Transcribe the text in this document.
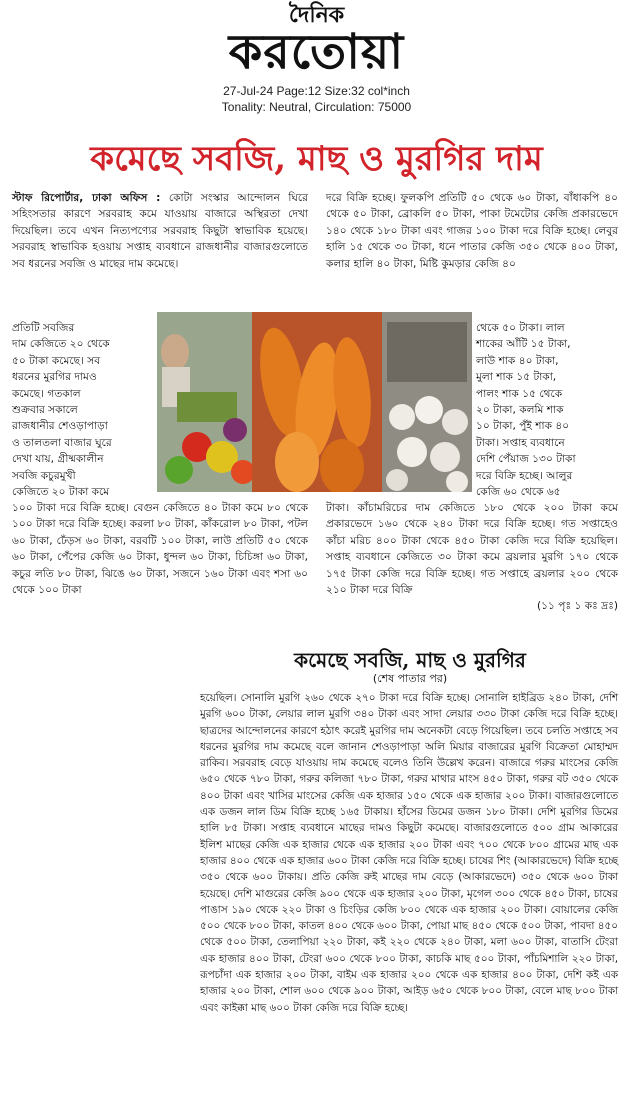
দৈনিক
করতোয়া
27-Jul-24 Page:12 Size:32 col*inch
Tonality: Neutral, Circulation: 75000
কমেছে সবজি, মাছ ও মুরগির দাম

স্টাফ রিপোর্টার, ঢাকা অফিস : কোটা সংস্কার আন্দোলন ঘিরে সহিংসতার কারণে সরবরাহ কমে যাওয়ায় বাজারে অস্থিরতা দেখা দিয়েছিল। তবে এখন নিত্যপণ্যের সরবরাহ কিছুটা স্বাভাবিক হয়েছে। সরবরাহ স্বাভাবিক হওয়ায় সপ্তাহ ব্যবধানে রাজধানীর বাজারগুলোতে সব ধরনের সবজি ও মাছের দাম কমেছে।

প্রতিটি সবজির
দাম কেজিতে ২০ থেকে
৫০ টাকা কমেছে। সব
ধরনের মুরগির দামও
কমেছে। গতকাল
শুক্রবার সকালে
রাজধানীর শেওড়াপাড়া
ও তালতলা বাজার ঘুরে
দেখা যায়, গ্রীষ্মকালীন
সবজি কচুরমুখী
কেজিতে ২০ টাকা কমে

১০০ টাকা দরে বিক্রি হচ্ছে। বেগুন কেজিতে ৪০ টাকা কমে ৮০ থেকে ১০০ টাকা দরে বিক্রি হচ্ছে। করলা ৮০ টাকা, কাঁকরোল ৮০ টাকা, পটল ৬০ টাকা, ঢেঁড়স ৬০ টাকা, বরবটি ১০০ টাকা, লাউ প্রতিটি ৫০ থেকে ৬০ টাকা, পেঁপের কেজি ৬০ টাকা, ধুন্দল ৬০ টাকা, চিচিঙ্গা ৬০ টাকা, কচুর লতি ৮০ টাকা, ঝিঙে ৬০ টাকা, সজনে ১৬০ টাকা এবং শসা ৬০ থেকে ১০০ টাকা

দরে বিক্রি হচ্ছে। ফুলকপি প্রতিটি ৫০ থেকে ৬০ টাকা, বাঁধাকপি ৪০ থেকে ৫০ টাকা, ব্রোকলি ৫০ টাকা, পাকা টমেটোর কেজি প্রকারভেদে ১৪০ থেকে ১৮০ টাকা এবং গাজর ১০০ টাকা দরে বিক্রি হচ্ছে। লেবুর হালি ১৫ থেকে ৩০ টাকা, ধনে পাতার কেজি ৩৫০ থেকে ৪০০ টাকা, কলার হালি ৪০ টাকা, মিষ্টি কুমড়ার কেজি ৪০

থেকে ৫০ টাকা। লাল
শাকের আঁটি ১৫ টাকা,
লাউ শাক ৪০ টাকা,
মুলা শাক ১৫ টাকা,
পালং শাক ১৫ থেকে
২০ টাকা, কলমি শাক
১০ টাকা, পুঁই শাক ৪০
টাকা। সপ্তাহ ব্যবধানে
দেশি পেঁয়াজ ১৩০ টাকা
দরে বিক্রি হচ্ছে। আলুর
কেজি ৬০ থেকে ৬৫

টাকা। কাঁচামরিচের দাম কেজিতে ১৮০ থেকে ২০০ টাকা কমে প্রকারভেদে ১৬০ থেকে ২৪০ টাকা দরে বিক্রি হচ্ছে। গত সপ্তাহেও কাঁচা মরিচ ৪০০ টাকা থেকে ৪৫০ টাকা কেজি দরে বিক্রি হয়েছিল। সপ্তাহ ব্যবধানে কেজিতে ৩০ টাকা কমে ব্রয়লার মুরগি ১৭০ থেকে ১৭৫ টাকা কেজি দরে বিক্রি হচ্ছে। গত সপ্তাহে ব্রয়লার ২০০ থেকে ২১০ টাকা দরে বিক্রি

(১১ পৃঃ ১ কঃ দ্রঃ)

কমেছে সবজি, মাছ ও মুরগির
(শেষ পাতার পর)

হয়েছিল। সোনালি মুরগি ২৬০ থেকে ২৭০ টাকা দরে বিক্রি হচ্ছে। সোনালি হাইব্রিড ২৪০ টাকা, দেশি মুরগি ৬০০ টাকা, লেয়ার লাল মুরগি ৩৪০ টাকা এবং সাদা লেয়ার ৩৩০ টাকা কেজি দরে বিক্রি হচ্ছে। ছাত্রদের আন্দোলনের কারণে হঠাৎ করেই মুরগির দাম অনেকটা বেড়ে গিয়েছিল। তবে চলতি সপ্তাহে সব ধরনের মুরগির দাম কমেছে বলে জানান শেওড়াপাড়া অলি মিয়ার বাজারের মুরগি বিক্রেতা মোহাম্মদ রাকিব। সরবরাহ বেড়ে যাওয়ায় দাম কমেছে বলেও তিনি উল্লেখ করেন। বাজারে গরুর মাংসের কেজি ৬৫০ থেকে ৭৮০ টাকা, গরুর কলিজা ৭৮০ টাকা, গরুর মাথার মাংস ৪৫০ টাকা, গরুর বট ৩৫০ থেকে ৪০০ টাকা এবং খাসির মাংসের কেজি এক হাজার ১৫০ থেকে এক হাজার ২০০ টাকা। বাজারগুলোতে এক ডজন লাল ডিম বিক্রি হচ্ছে ১৬৫ টাকায়। হাঁসের ডিমের ডজন ১৮০ টাকা। দেশি মুরগির ডিমের হালি ৮৫ টাকা। সপ্তাহ ব্যবধানে মাছের দামও কিছুটা কমেছে। বাজারগুলোতে ৫০০ গ্রাম আকারের ইলিশ মাছের কেজি এক হাজার থেকে এক হাজার ২০০ টাকা এবং ৭০০ থেকে ৮০০ গ্রামের মাছ এক হাজার ৪০০ থেকে এক হাজার ৬০০ টাকা কেজি দরে বিক্রি হচ্ছে। চাষের শিং (আকারভেদে) বিক্রি হচ্ছে ৩৫০ থেকে ৬০০ টাকায়। প্রতি কেজি রুই মাছের দাম বেড়ে (আকারভেদে) ৩৫০ থেকে ৬০০ টাকা হয়েছে। দেশি মাগুরের কেজি ৯০০ থেকে এক হাজার ২০০ টাকা, মৃগেল ৩০০ থেকে ৪৫০ টাকা, চাষের পাঙাস ১৯০ থেকে ২২০ টাকা ও চিংড়ির কেজি ৮০০ থেকে এক হাজার ২০০ টাকা। বোয়ালের কেজি ৫০০ থেকে ৮০০ টাকা, কাতল ৪০০ থেকে ৬০০ টাকা, পোয়া মাছ ৪৫০ থেকে ৫০০ টাকা, পাবদা ৪৫০ থেকে ৫০০ টাকা, তেলাপিয়া ২২০ টাকা, কই ২২০ থেকে ২৪০ টাকা, মলা ৬০০ টাকা, বাতাসি টেংরা এক হাজার ৪০০ টাকা, টেংরা ৬০০ থেকে ৮০০ টাকা, কাচকি মাছ ৫০০ টাকা, পাঁচমিশালি ২২০ টাকা, রূপচাঁদা এক হাজার ২০০ টাকা, বাইম এক হাজার ২০০ থেকে এক হাজার ৪০০ টাকা, দেশি কই এক হাজার ২০০ টাকা, শোল ৬০০ থেকে ৯০০ টাকা, আইড় ৬৫০ থেকে ৮০০ টাকা, বেলে মাছ ৮০০ টাকা এবং কাইক্কা মাছ ৬০০ টাকা কেজি দরে বিক্রি হচ্ছে।
